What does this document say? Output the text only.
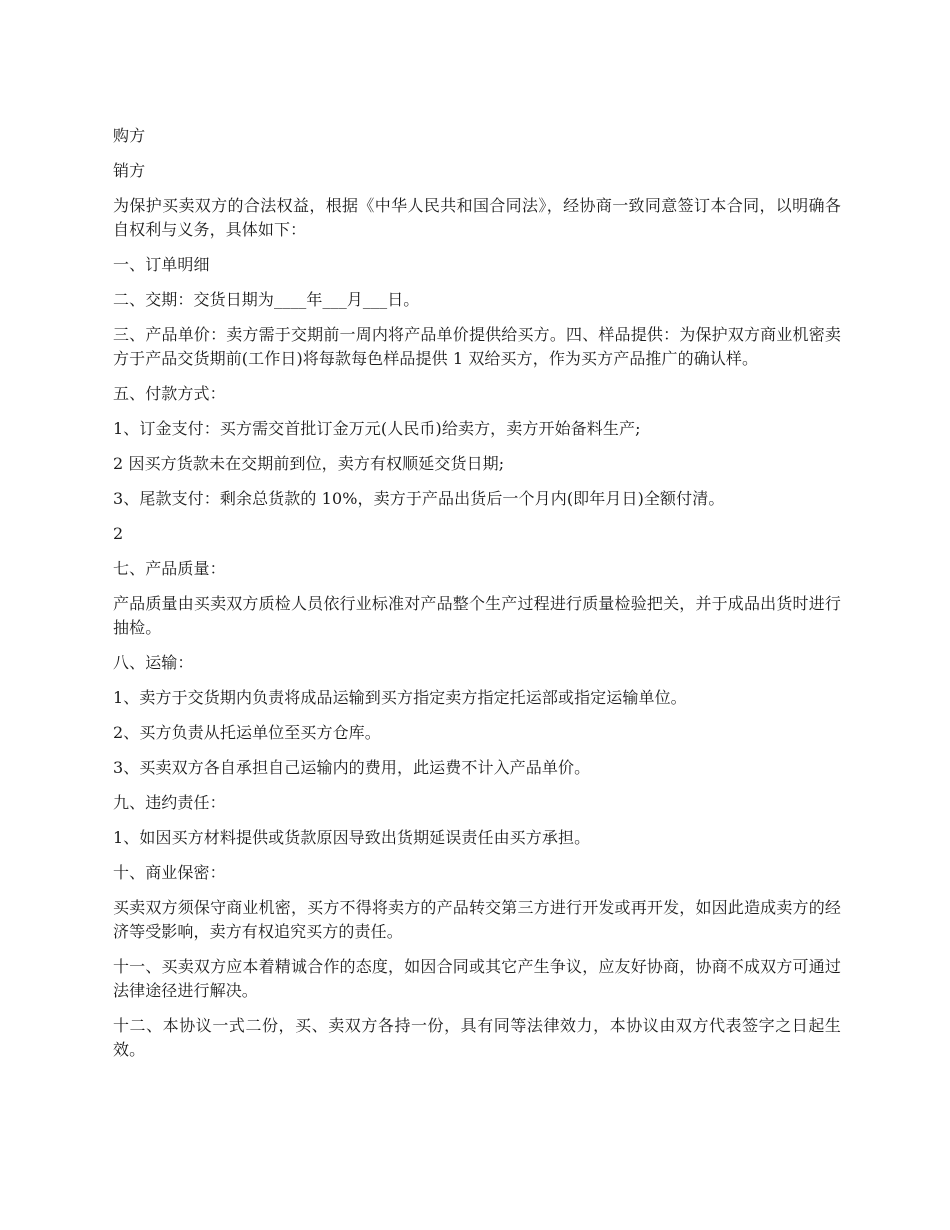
购方

销方

为保护买卖双方的合法权益，根据《中华人民共和国合同法》，经协商一致同意签订本合同，以明确各自权利与义务，具体如下：

一、订单明细

二、交期：交货日期为____年___月___日。

三、产品单价：卖方需于交期前一周内将产品单价提供给买方。四、样品提供：为保护双方商业机密卖方于产品交货期前(工作日)将每款每色样品提供 1 双给买方，作为买方产品推广的确认样。

五、付款方式：

1、订金支付：买方需交首批订金万元(人民币)给卖方，卖方开始备料生产;

2 因买方货款未在交期前到位，卖方有权顺延交货日期;

3、尾款支付：剩余总货款的 10%，卖方于产品出货后一个月内(即年月日)全额付清。

2

七、产品质量：

产品质量由买卖双方质检人员依行业标准对产品整个生产过程进行质量检验把关，并于成品出货时进行抽检。

八、运输：

1、卖方于交货期内负责将成品运输到买方指定卖方指定托运部或指定运输单位。

2、买方负责从托运单位至买方仓库。

3、买卖双方各自承担自己运输内的费用，此运费不计入产品单价。

九、违约责任：

1、如因买方材料提供或货款原因导致出货期延误责任由买方承担。

十、商业保密：

买卖双方须保守商业机密，买方不得将卖方的产品转交第三方进行开发或再开发，如因此造成卖方的经济等受影响，卖方有权追究买方的责任。

十一、买卖双方应本着精诚合作的态度，如因合同或其它产生争议，应友好协商，协商不成双方可通过法律途径进行解决。

十二、本协议一式二份，买、卖双方各持一份，具有同等法律效力，本协议由双方代表签字之日起生效。
